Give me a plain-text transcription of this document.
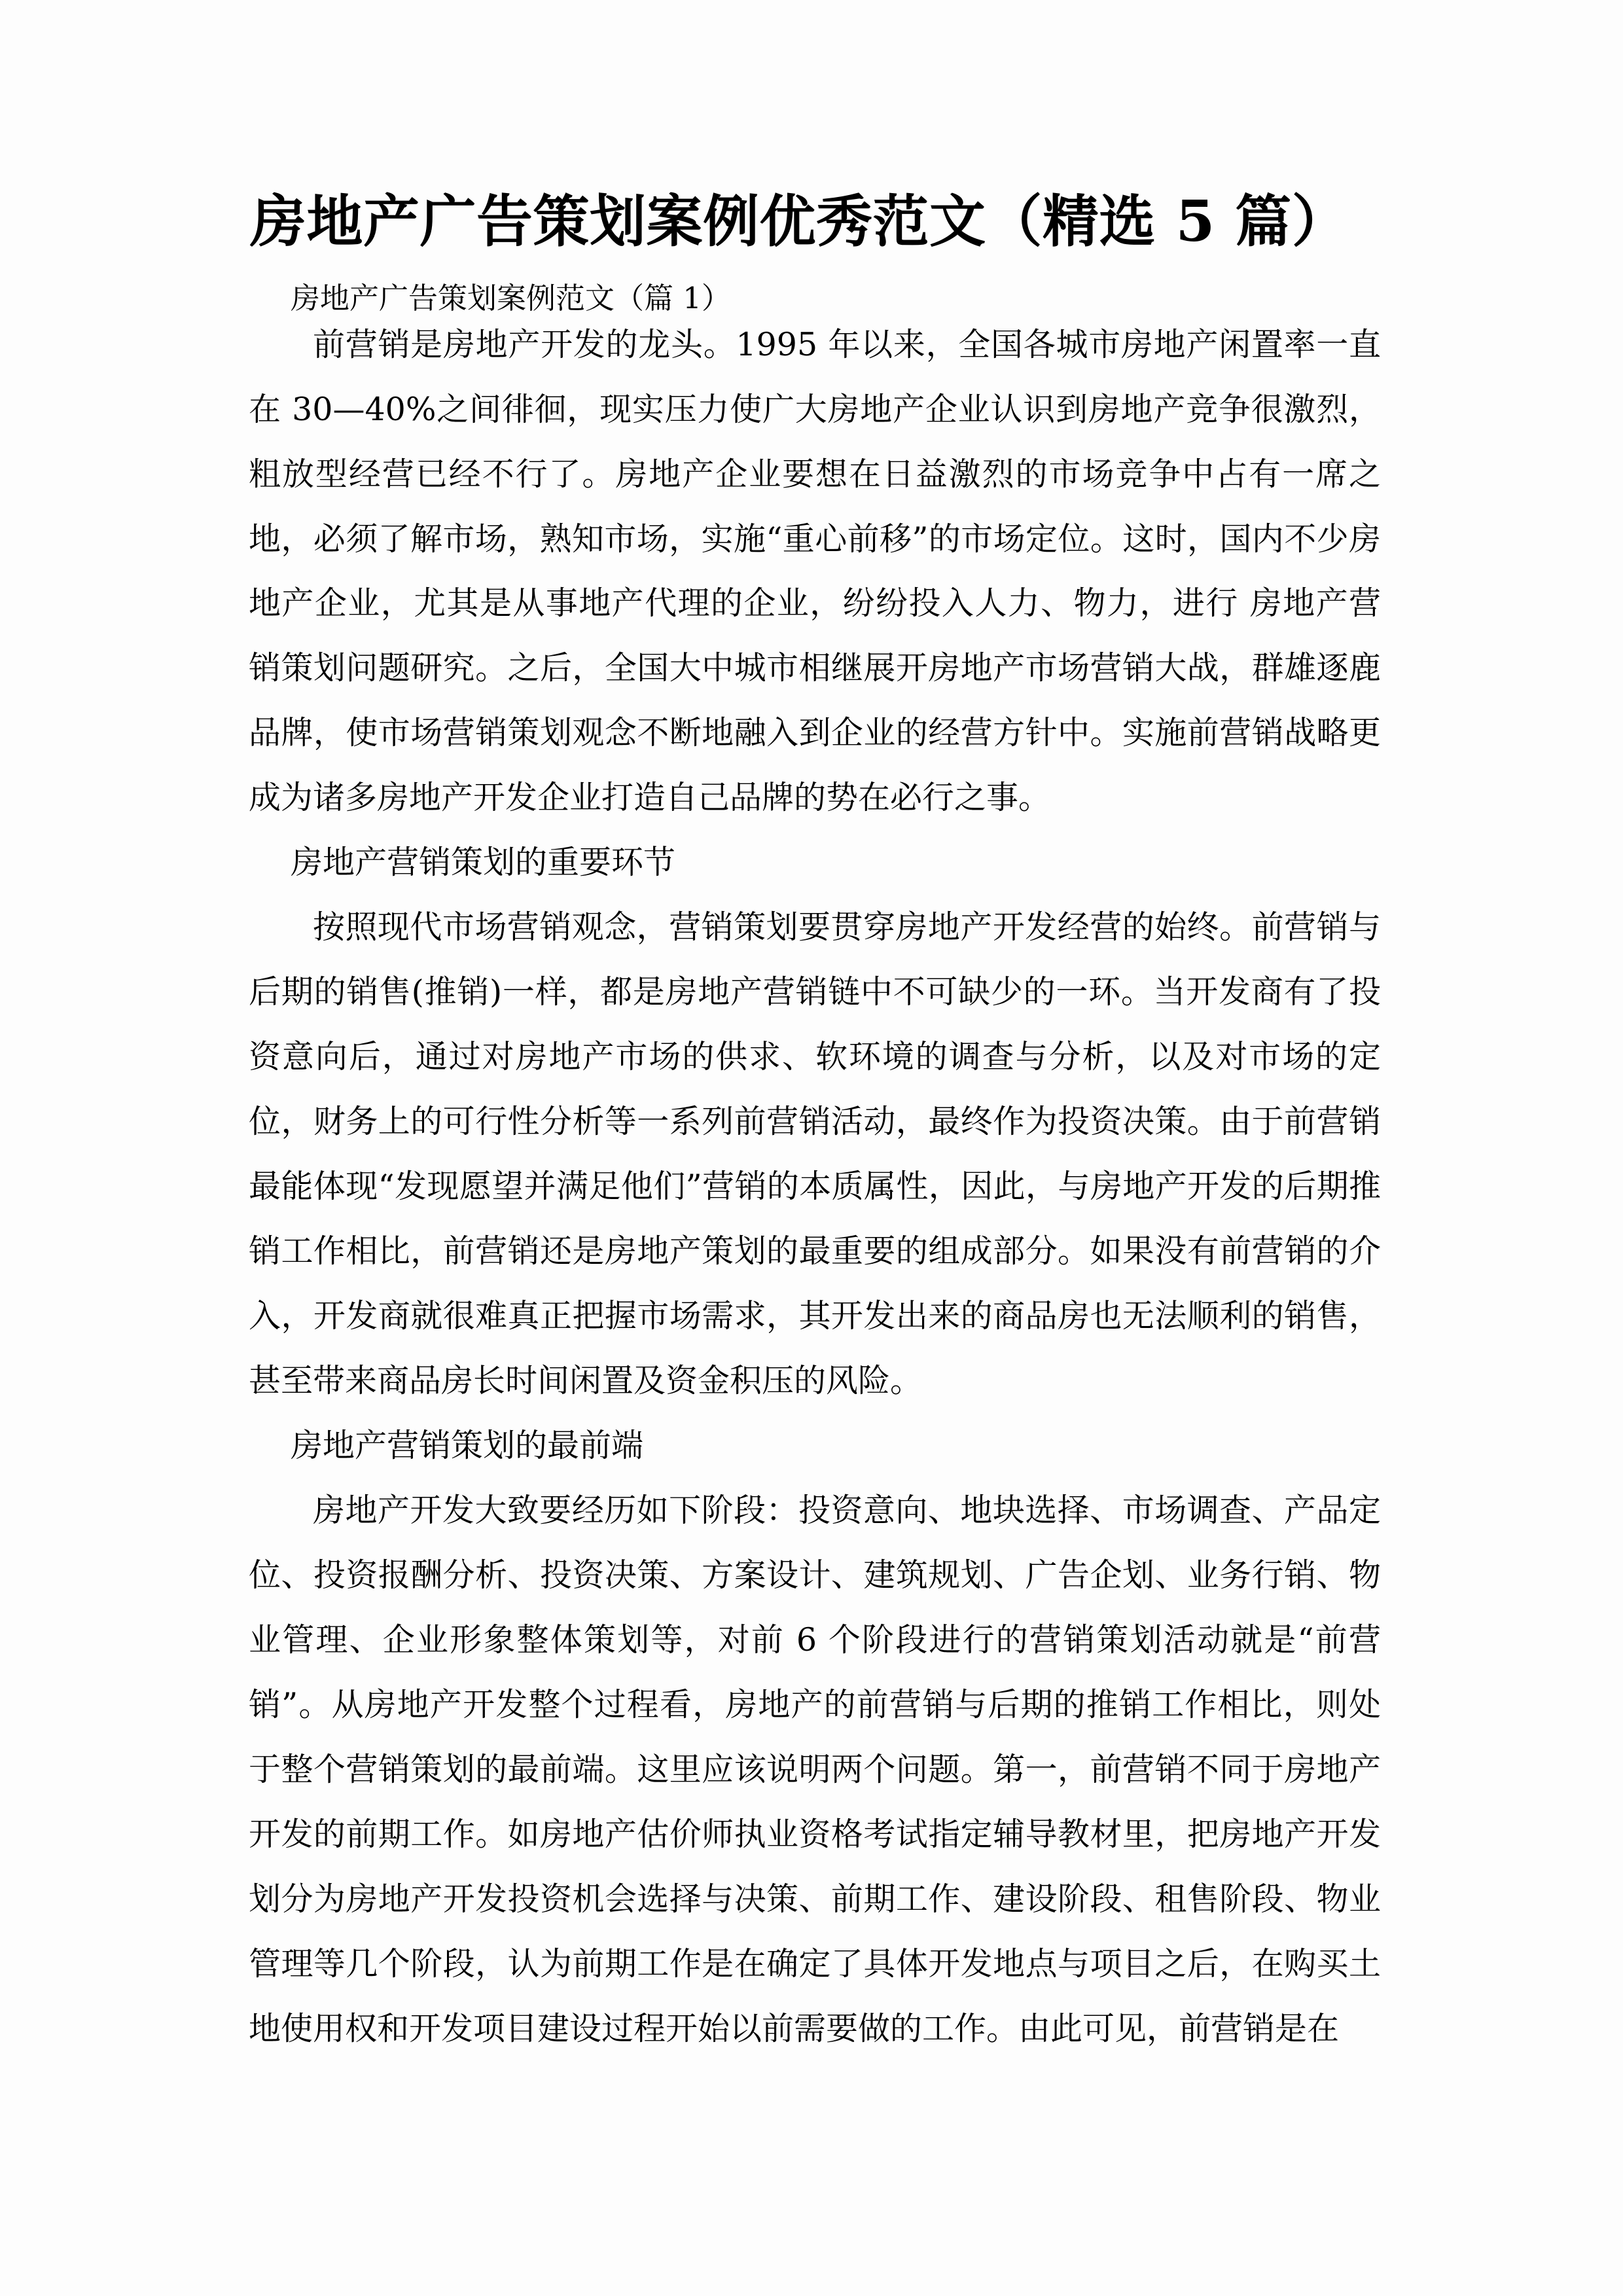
房地产广告策划案例优秀范文（精选 5 篇）
房地产广告策划案例范文（篇 1）

前营销是房地产开发的龙头。1995 年以来，全国各城市房地产闲置率一直在 30—40%之间徘徊，现实压力使广大房地产企业认识到房地产竞争很激烈，粗放型经营已经不行了。房地产企业要想在日益激烈的市场竞争中占有一席之地，必须了解市场，熟知市场，实施“重心前移”的市场定位。这时，国内不少房地产企业，尤其是从事地产代理的企业，纷纷投入人力、物力，进行 房地产营销策划问题研究。之后，全国大中城市相继展开房地产市场营销大战，群雄逐鹿品牌，使市场营销策划观念不断地融入到企业的经营方针中。实施前营销战略更成为诸多房地产开发企业打造自己品牌的势在必行之事。

房地产营销策划的重要环节

按照现代市场营销观念，营销策划要贯穿房地产开发经营的始终。前营销与后期的销售(推销)一样，都是房地产营销链中不可缺少的一环。当开发商有了投资意向后，通过对房地产市场的供求、软环境的调查与分析，以及对市场的定位，财务上的可行性分析等一系列前营销活动，最终作为投资决策。由于前营销最能体现“发现愿望并满足他们”营销的本质属性，因此，与房地产开发的后期推销工作相比，前营销还是房地产策划的最重要的组成部分。如果没有前营销的介入，开发商就很难真正把握市场需求，其开发出来的商品房也无法顺利的销售，甚至带来商品房长时间闲置及资金积压的风险。

房地产营销策划的最前端

房地产开发大致要经历如下阶段：投资意向、地块选择、市场调查、产品定位、投资报酬分析、投资决策、方案设计、建筑规划、广告企划、业务行销、物业管理、企业形象整体策划等，对前 6 个阶段进行的营销策划活动就是“前营销”。从房地产开发整个过程看，房地产的前营销与后期的推销工作相比，则处于整个营销策划的最前端。这里应该说明两个问题。第一，前营销不同于房地产开发的前期工作。如房地产估价师执业资格考试指定辅导教材里，把房地产开发划分为房地产开发投资机会选择与决策、前期工作、建设阶段、租售阶段、物业管理等几个阶段，认为前期工作是在确定了具体开发地点与项目之后，在购买土地使用权和开发项目建设过程开始以前需要做的工作。由此可见，前营销是在
